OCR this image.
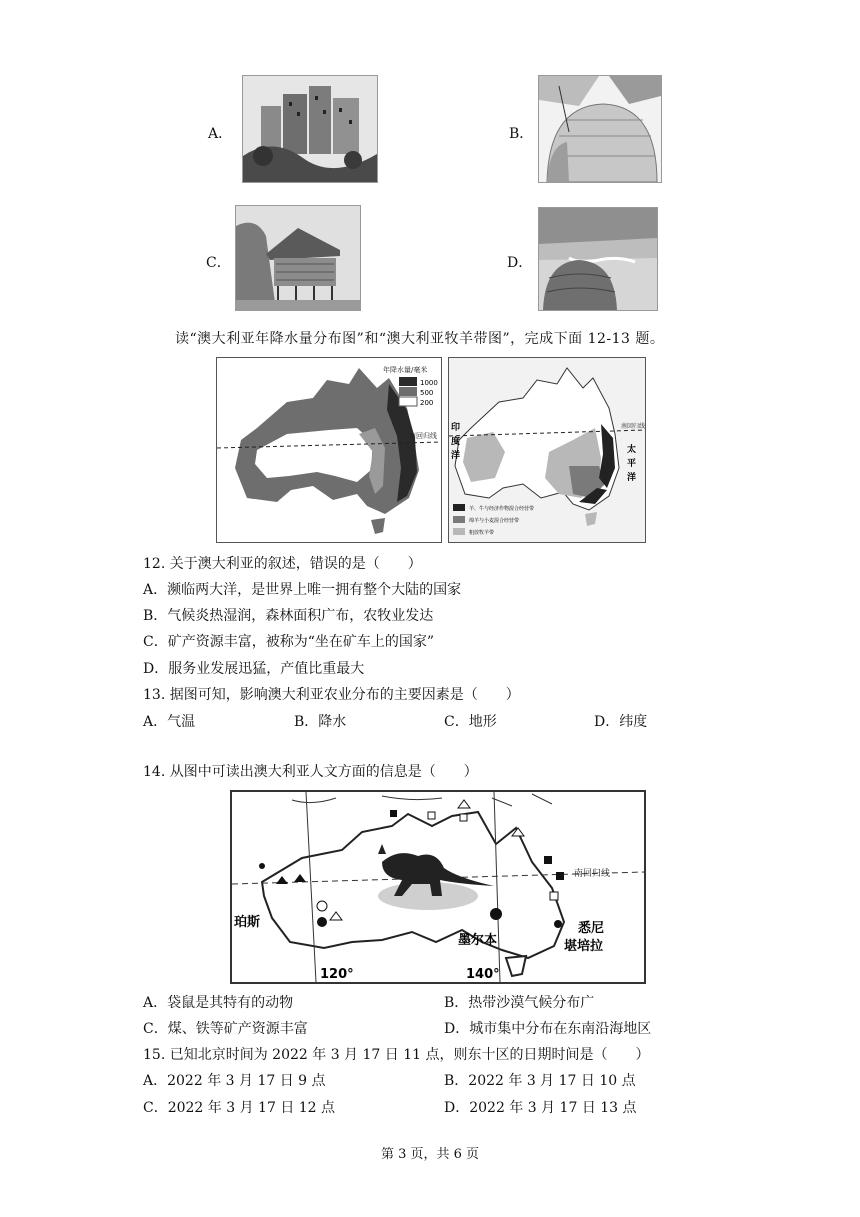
A．	B．
C．	D．
读“澳大利亚年降水量分布图”和“澳大利亚牧羊带图”，完成下面 12-13 题。
南回归线
年降水量/毫米
1000
500
200
南回归线
印
度
洋
太
平
洋
羊、牛与经济作物混合经营带
绵羊与小麦混合经营带
粗放牧羊带
12. 关于澳大利亚的叙述，错误的是（　　）
A．濒临两大洋，是世界上唯一拥有整个大陆的国家
B．气候炎热湿润，森林面积广布，农牧业发达
C．矿产资源丰富，被称为“坐在矿车上的国家”
D．服务业发展迅猛，产值比重最大
13. 据图可知，影响澳大利亚农业分布的主要因素是（　　）
A．气温	B．降水	C．地形	D．纬度
14. 从图中可读出澳大利亚人文方面的信息是（　　）
南回归线
珀斯
墨尔本
悉尼
堪培拉
120°	140°
A．袋鼠是其特有的动物	B．热带沙漠气候分布广
C．煤、铁等矿产资源丰富	D．城市集中分布在东南沿海地区
15. 已知北京时间为 2022 年 3 月 17 日 11 点，则东十区的日期时间是（　　）
A．2022 年 3 月 17 日 9 点	B．2022 年 3 月 17 日 10 点
C．2022 年 3 月 17 日 12 点	D．2022 年 3 月 17 日 13 点
第 3 页，共 6 页
